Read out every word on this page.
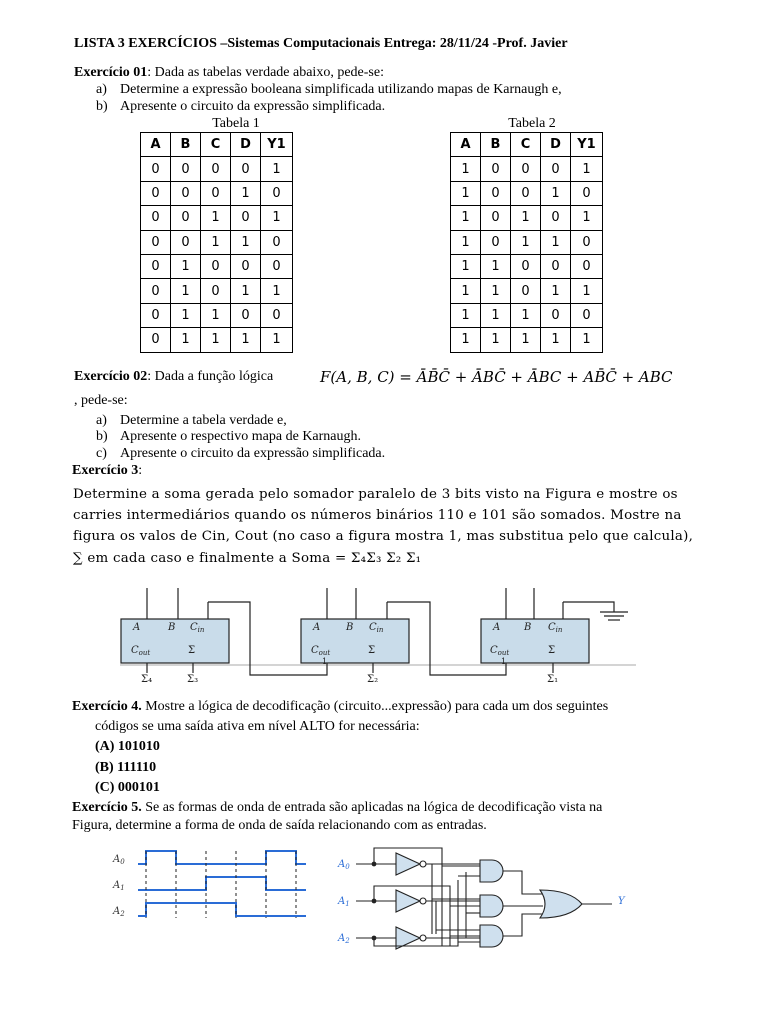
LISTA 3 EXERCÍCIOS –Sistemas Computacionais Entrega: 28/11/24 -Prof. Javier
Exercício 01: Dada as tabelas verdade abaixo, pede-se:
a) Determine a expressão booleana simplificada utilizando mapas de Karnaugh e,
b) Apresente o circuito da expressão simplificada.
Tabela 1	Tabela 2
A	B	C	D	Y1
0	0	0	0	1
0	0	0	1	0
0	0	1	0	1
0	0	1	1	0
0	1	0	0	0
0	1	0	1	1
0	1	1	0	0
0	1	1	1	1
A	B	C	D	Y1
1	0	0	0	1
1	0	0	1	0
1	0	1	0	1
1	0	1	1	0
1	1	0	0	0
1	1	0	1	1
1	1	1	0	0
1	1	1	1	1
Exercício 02: Dada a função lógica	F(A, B, C) = ĀB̄C̄ + ĀBC̄ + ĀBC + AB̄C̄ + ABC
, pede-se:
a) Determine a tabela verdade e,
b) Apresente o respectivo mapa de Karnaugh.
c) Apresente o circuito da expressão simplificada.
Exercício 3:

Determine a soma gerada pelo somador paralelo de 3 bits visto na Figura e mostre os

carries intermediários quando os números binários 110 e 101 são somados. Mostre na

figura os valos de Cin, Cout (no caso a figura mostra 1, mas substitua pelo que calcula),

∑ em cada caso e finalmente a Soma = Σ₄Σ₃ Σ₂ Σ₁

A	B $C_{in}$
$C_{out}$	Σ
A	B $C_{in}$
$C_{out}$	Σ
A B $C_{in}$
$C_{out}$	Σ
1	1
Σ₄	Σ₃	Σ₂	Σ₁
Exercício 4. Mostre a lógica de decodificação (circuito...expressão) para cada um dos seguintes
códigos se uma saída ativa em nível ALTO for necessária:
(A) 101010
(B) 111110
(C) 000101
Exercício 5. Se as formas de onda de entrada são aplicadas na lógica de decodificação vista na
Figura, determine a forma de onda de saída relacionando com as entradas.
$A_0$
$A_1$
$A_2$
$A_0$
$A_1$
$A_2$
Y
